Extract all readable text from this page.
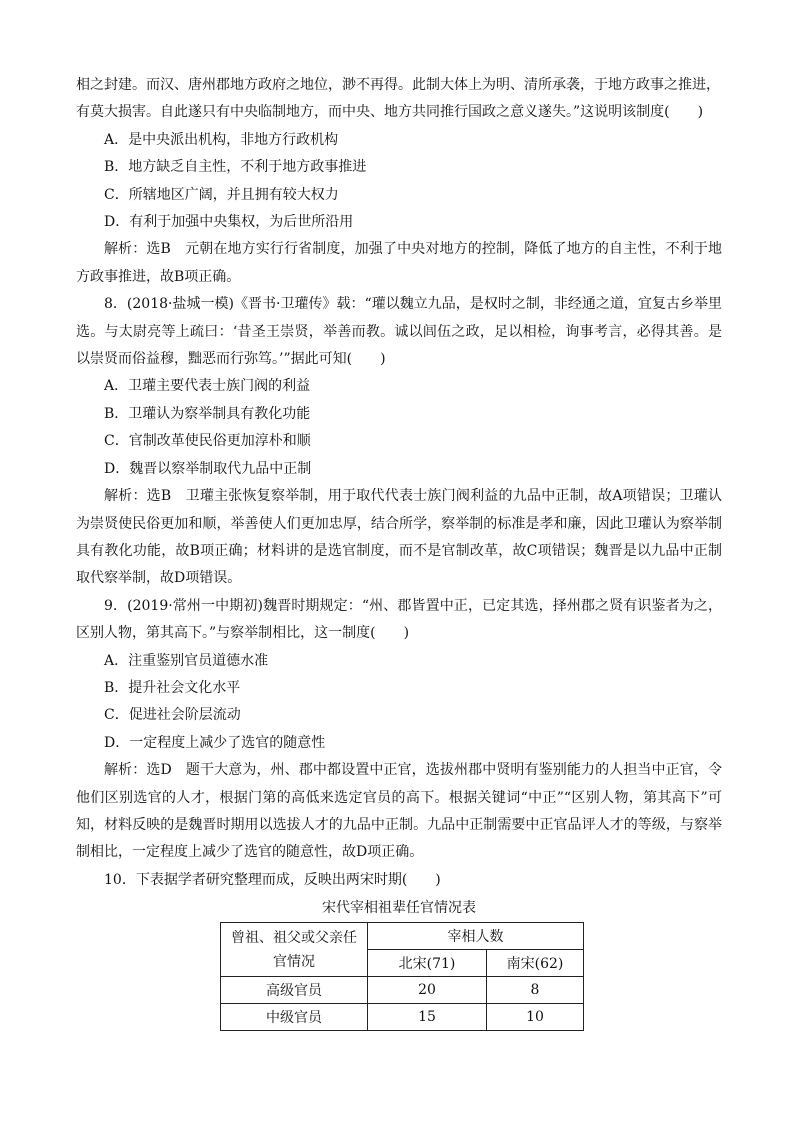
相之封建。而汉、唐州郡地方政府之地位，渺不再得。此制大体上为明、清所承袭，于地方政事之推进，

有莫大损害。自此遂只有中央临制地方，而中央、地方共同推行国政之意义遂失。”这说明该制度(　　)

A．是中央派出机构，非地方行政机构

B．地方缺乏自主性，不利于地方政事推进

C．所辖地区广阔，并且拥有较大权力

D．有利于加强中央集权，为后世所沿用

解析：选B　元朝在地方实行行省制度，加强了中央对地方的控制，降低了地方的自主性，不利于地方政事推进，故B项正确。

8．(2018·盐城一模)《晋书·卫瓘传》载：“瓘以魏立九品，是权时之制，非经通之道，宜复古乡举里选。与太尉亮等上疏曰：‘昔圣王崇贤，举善而教。诚以闾伍之政，足以相检，询事考言，必得其善。是以崇贤而俗益穆，黜恶而行弥笃。’”据此可知(　　)

A．卫瓘主要代表士族门阀的利益

B．卫瓘认为察举制具有教化功能

C．官制改革使民俗更加淳朴和顺

D．魏晋以察举制取代九品中正制

解析：选B　卫瓘主张恢复察举制，用于取代代表士族门阀利益的九品中正制，故A项错误；卫瓘认为崇贤使民俗更加和顺，举善使人们更加忠厚，结合所学，察举制的标准是孝和廉，因此卫瓘认为察举制具有教化功能，故B项正确；材料讲的是选官制度，而不是官制改革，故C项错误；魏晋是以九品中正制取代察举制，故D项错误。

9．(2019·常州一中期初)魏晋时期规定：“州、郡皆置中正，已定其选，择州郡之贤有识鉴者为之，区别人物，第其高下。”与察举制相比，这一制度(　　)

A．注重鉴别官员道德水准

B．提升社会文化水平

C．促进社会阶层流动

D．一定程度上减少了选官的随意性

解析：选D　题干大意为，州、郡中都设置中正官，选拔州郡中贤明有鉴别能力的人担当中正官，令他们区别选官的人才，根据门第的高低来选定官员的高下。根据关键词“中正”“区别人物，第其高下”可知，材料反映的是魏晋时期用以选拔人才的九品中正制。九品中正制需要中正官品评人才的等级，与察举制相比，一定程度上减少了选官的随意性，故D项正确。

10．下表据学者研究整理而成，反映出两宋时期(　　)

宋代宰相祖辈任官情况表
曾祖、祖父或父亲任
官情况	宰相人数	
	北宋(71)	南宋(62)
高级官员	20	8
中级官员	15	10
